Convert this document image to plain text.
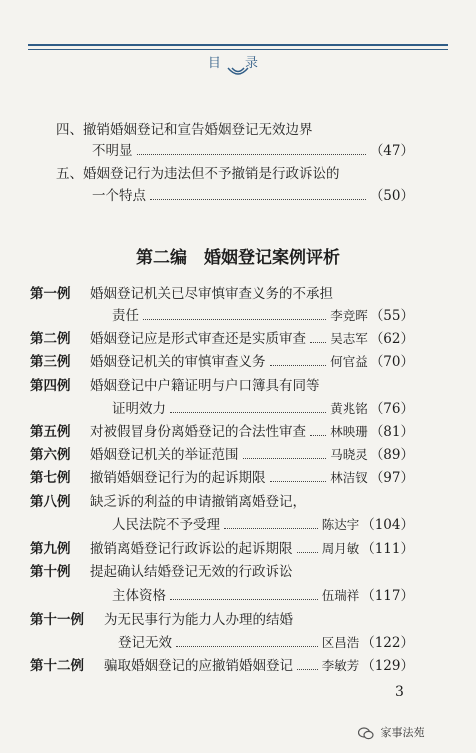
目 录
四、撤销婚姻登记和宣告婚姻登记无效边界
不明显	（47）
五、婚姻登记行为违法但不予撤销是行政诉讼的
一个特点	（50）
第二编　婚姻登记案例评析
第一例 婚姻登记机关已尽审慎审查义务的不承担
责任	李竞晖 （55）
第二例 婚姻登记应是形式审查还是实质审查 吴志军 （62）
第三例 婚姻登记机关的审慎审查义务	何官益 （70）
第四例 婚姻登记中户籍证明与户口簿具有同等
证明效力	黄兆铭 （76）
第五例 对被假冒身份离婚登记的合法性审查 林映珊 （81）
第六例 婚姻登记机关的举证范围	马晓灵 （89）
第七例 撤销婚姻登记行为的起诉期限	林洁钗 （97）
第八例 缺乏诉的利益的申请撤销离婚登记，
人民法院不予受理	陈达宇 （104）
第九例 撤销离婚登记行政诉讼的起诉期限 周月敏 （111）
第十例 提起确认结婚登记无效的行政诉讼
主体资格	伍瑞祥 （117）
第十一例 为无民事行为能力人办理的结婚
登记无效	区昌浩 （122）
第十二例 骗取婚姻登记的应撤销婚姻登记 李敏芳 （129）
3
家事法苑
